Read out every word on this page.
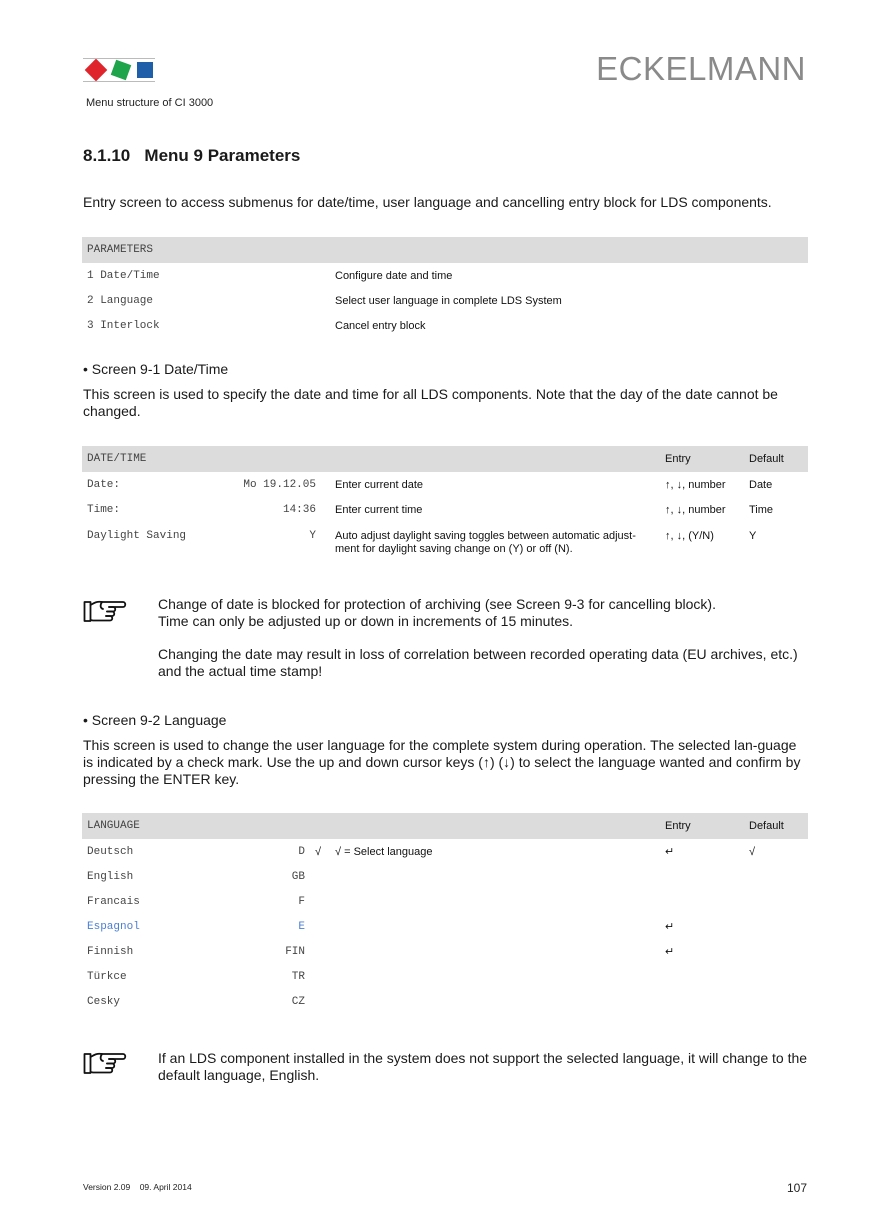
ECKELMANN
Menu structure of CI 3000
8.1.10   Menu 9 Parameters
Entry screen to access submenus for date/time, user language and cancelling entry block for LDS components.
PARAMETERS	
1 Date/Time	Configure date and time
2 Language	Select user language in complete LDS System
3 Interlock	Cancel entry block
• Screen 9-1 Date/Time
This screen is used to specify the date and time for all LDS components. Note that the day of the date cannot be changed.
DATE/TIME			Entry	Default
Date:	Mo 19.12.05	Enter current date	↑, ↓, number	Date
Time:	14:36	Enter current time	↑, ↓, number	Time
Daylight Saving	Y	Auto adjust daylight saving toggles between automatic adjust-ment for daylight saving change on (Y) or off (N).	↑, ↓, (Y/N)	Y
Change of date is blocked for protection of archiving (see Screen 9-3 for cancelling block).
Time can only be adjusted up or down in increments of 15 minutes.
Changing the date may result in loss of correlation between recorded operating data (EU archives, etc.) and the actual time stamp!
• Screen 9-2 Language
This screen is used to change the user language for the complete system during operation. The selected lan-guage is indicated by a check mark. Use the up and down cursor keys (↑) (↓) to select the language wanted and confirm by pressing the ENTER key.
LANGUAGE				Entry	Default
Deutsch	D	√	√ = Select language	↵	√
English	GB				
Francais	F				
Espagnol	E			↵	
Finnish	FIN			↵	
Türkce	TR				
Cesky	CZ				
If an LDS component installed in the system does not support the selected language, it will change to the default language, English.
Version 2.09    09. April 2014	107
